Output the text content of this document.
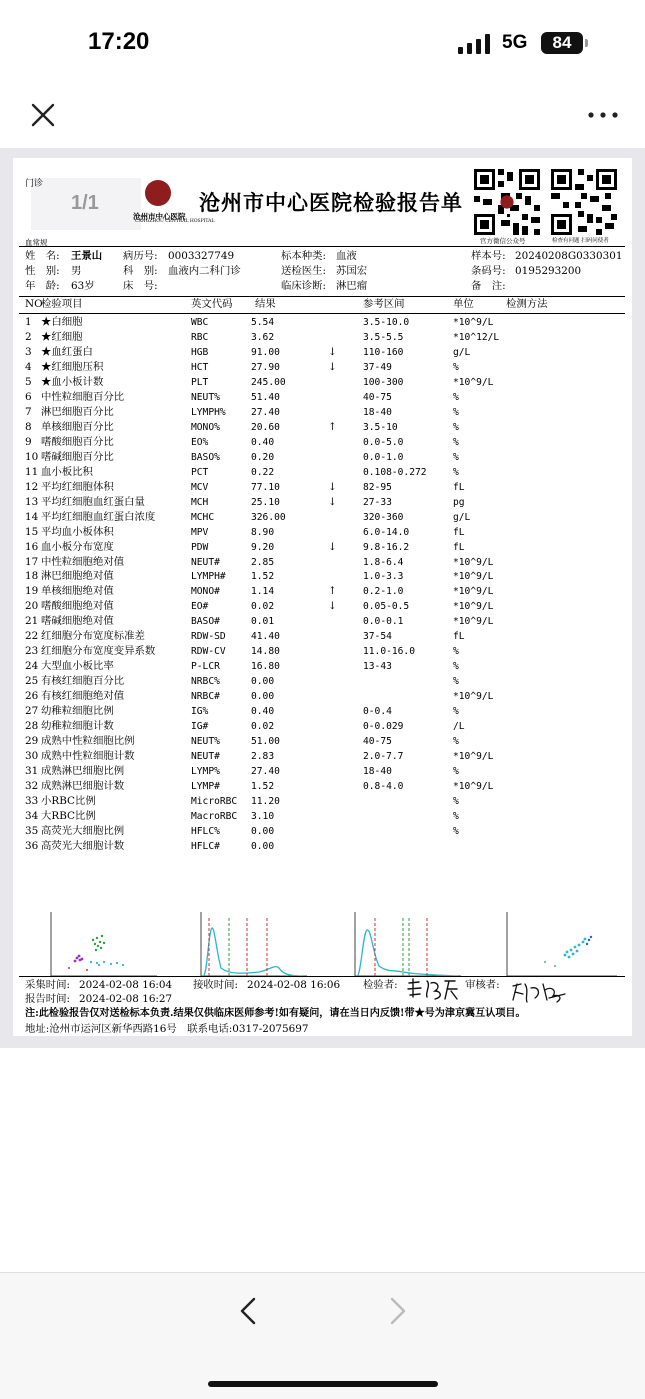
17:20	5G	84
门诊
1/1
沧州市中心医院
CANGZHOU CENTRAL HOSPITAL
沧州市中心医院检验报告单
官方微信公众号	检查有问题 扫码问使者
血常规
姓　名: 王景山 病历号: 0003327749	标本种类: 血液	样本号: 20240208G0330301
性　别: 男	科　别: 血液内二科门诊	送检医生: 苏国宏	条码号: 0195293200
年　龄: 63岁	床　号:	临床诊断: 淋巴瘤	备　注:
NO
检验项目	英文代码 结果	参考区间	单位	检测方法
1 ★白细胞	WBC	5.54	3.5-10.0	*10^9/L
2 ★红细胞	RBC	3.62	3.5-5.5	*10^12/L
3 ★血红蛋白	HGB	91.00	↓	110-160	g/L
4 ★红细胞压积	HCT	27.90	↓	37-49	%
5 ★血小板计数	PLT	245.00	100-300	*10^9/L
6 中性粒细胞百分比	NEUT%	51.40	40-75	%
7 淋巴细胞百分比	LYMPH%	27.40	18-40	%
8 单核细胞百分比	MONO%	20.60	↑	3.5-10	%
9 嗜酸细胞百分比	EO%	0.40	0.0-5.0	%
10 嗜碱细胞百分比	BASO%	0.20	0.0-1.0	%
11 血小板比积	PCT	0.22	0.108-0.272	%
12 平均红细胞体积	MCV	77.10	↓	82-95	fL
13 平均红细胞血红蛋白量	MCH	25.10	↓	27-33	pg
14 平均红细胞血红蛋白浓度	MCHC	326.00	320-360	g/L
15 平均血小板体积	MPV	8.90	6.0-14.0	fL
16 血小板分布宽度	PDW	9.20	↓	9.8-16.2	fL
17 中性粒细胞绝对值	NEUT#	2.85	1.8-6.4	*10^9/L
18 淋巴细胞绝对值	LYMPH#	1.52	1.0-3.3	*10^9/L
19 单核细胞绝对值	MONO#	1.14	↑	0.2-1.0	*10^9/L
20 嗜酸细胞绝对值	EO#	0.02	↓	0.05-0.5	*10^9/L
21 嗜碱细胞绝对值	BASO#	0.01	0.0-0.1	*10^9/L
22 红细胞分布宽度标准差	RDW-SD	41.40	37-54	fL
23 红细胞分布宽度变异系数	RDW-CV	14.80	11.0-16.0	%
24 大型血小板比率	P-LCR	16.80	13-43	%
25 有核红细胞百分比	NRBC%	0.00	%
26 有核红细胞绝对值	NRBC#	0.00	*10^9/L
27 幼稚粒细胞比例	IG%	0.40	0-0.4	%
28 幼稚粒细胞计数	IG#	0.02	0-0.029	/L
29 成熟中性粒细胞比例	NEUT%	51.00	40-75	%
30 成熟中性粒细胞计数	NEUT#	2.83	2.0-7.7	*10^9/L
31 成熟淋巴细胞比例	LYMP%	27.40	18-40	%
32 成熟淋巴细胞计数	LYMP#	1.52	0.8-4.0	*10^9/L
33 小RBC比例	MicroRBC 11.20	%
34 大RBC比例	MacroRBC 3.10	%
35 高荧光大细胞比例	HFLC%	0.00	%
36 高荧光大细胞计数	HFLC#	0.00
采集时间: 2024-02-08 16:04 接收时间: 2024-02-08 16:06 检验者:	审核者:
报告时间: 2024-02-08 16:27
注:此检验报告仅对送检标本负责.结果仅供临床医师参考!如有疑问，请在当日内反馈!带★号为津京冀互认项目。
地址:沧州市运河区新华西路16号　联系电话:0317-2075697
